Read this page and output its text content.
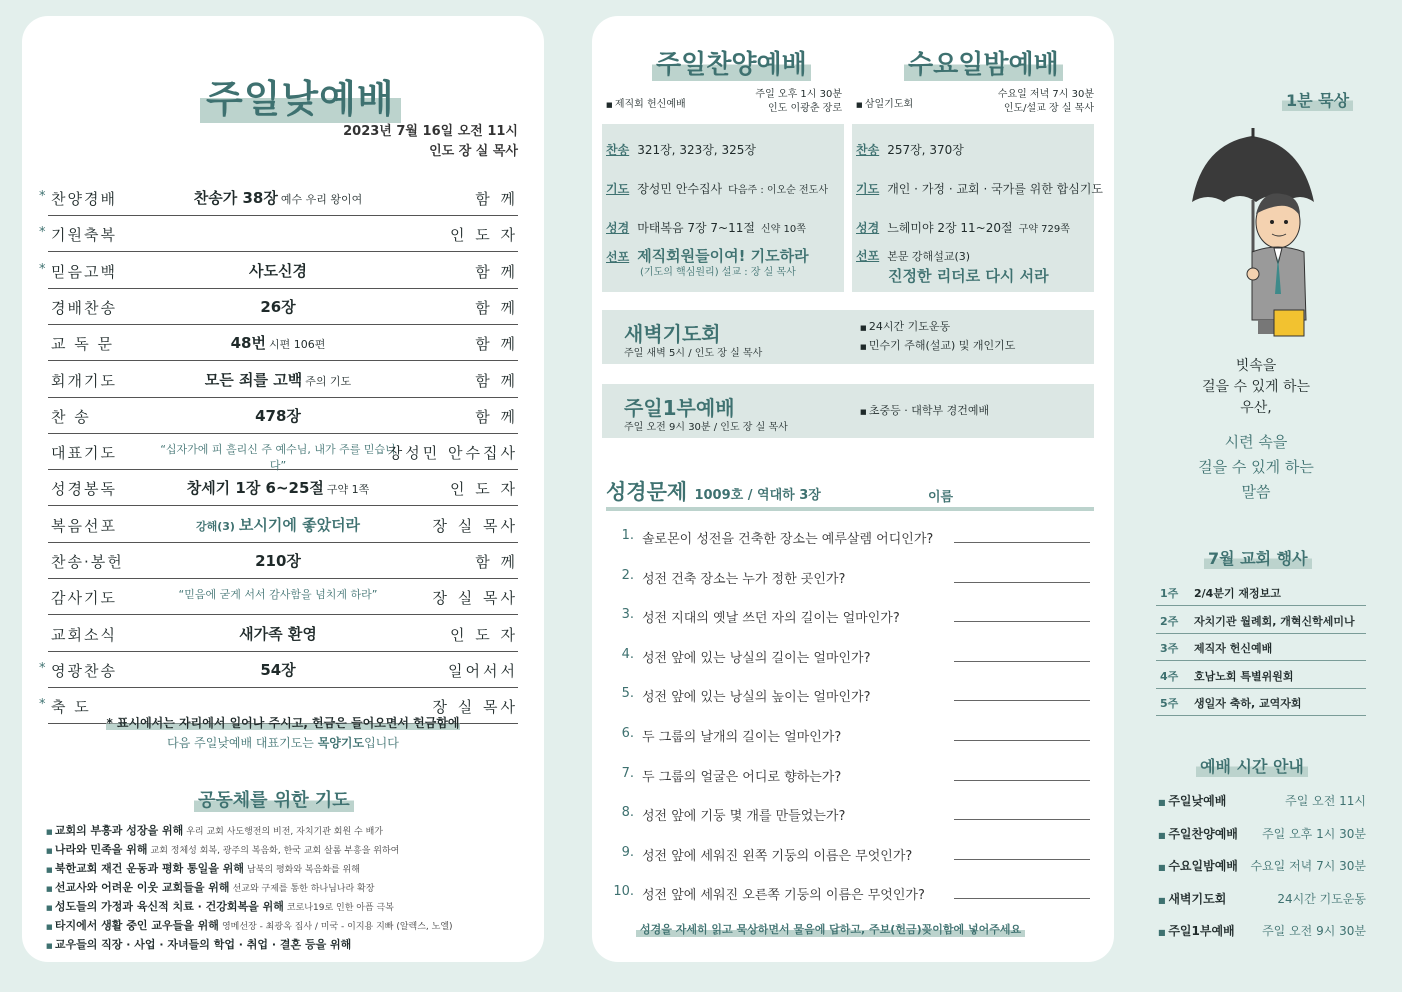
주일낮예배
2023년 7월 16일 오전 11시
인도 장 실 목사
* 찬양경배	찬송가 38장 예수 우리 왕이여	함 께
* 기원축복	인 도 자
* 믿음고백	사도신경	함 께
경배찬송	26장	함 께
교 독 문	48번 시편 106편	함 께
회개기도	모든 죄를 고백 주의 기도	함 께
찬 송	478장	함 께
대표기도	“십자가에 피 흘리신 주 예수님, 내가 주를 믿습니다”
장성민 안수집사
성경봉독	창세기 1장 6~25절 구약 1쪽	인 도 자
복음선포	강해(3) 보시기에 좋았더라	장 실 목사
찬송·봉헌	210장	함 께
감사기도	“믿음에 굳게 서서 감사함을 넘치게 하라”	장 실 목사
교회소식	새가족 환영	인 도 자
* 영광찬송	54장	일어서서
* 축 도	장 실 목사
* 표시에서는 자리에서 일어나 주시고, 헌금은 들어오면서 헌금함에
다음 주일낮예배 대표기도는 목양기도입니다
공동체를 위한 기도
■ 교회의 부흥과 성장을 위해 우리 교회 사도행전의 비전, 자치기관 회원 수 배가
■ 나라와 민족을 위해 교회 정체성 회복, 광주의 복음화, 한국 교회 살롬 부흥을 위하여
■ 북한교회 재건 운동과 평화 통일을 위해 남북의 평화와 복음화를 위해
■ 선교사와 어려운 이웃 교회들을 위해 선교와 구제를 통한 하나님나라 확장
■ 성도들의 가정과 육신적 치료 · 건강회복을 위해 코로나19로 인한 아픔 극복
■ 타지에서 생활 중인 교우들을 위해 영메선장 - 최광옥 집사 / 미국 - 이지용 지빠 (알렉스, 노엘)
■ 교우들의 직장 · 사업 · 자녀들의 학업 · 취업 · 결혼 등을 위해
주일찬양예배	수요일밤예배
■ 제직회 헌신예배
주일 오후 1시 30분
인도 이광춘 장로
■	삼일기도회
수요일 저녁 7시 30분
인도/설교 장 실 목사
찬송 321장, 323장, 325장
기도 장성민 안수집사 다음주 : 이오순 전도사
성경 마태복음 7장 7~11절 신약 10쪽
찬송 257장, 370장
기도 개인 · 가정 · 교회 · 국가를 위한 합심기도
성경 느헤미야 2장 11~20절 구약 729쪽
선포 제직회원들이여! 기도하라
(기도의 핵심원리) 설교 : 장 실 목사
선포 본문 강해설교(3)
진정한 리더로 다시 서라
새벽기도회
주일 새벽 5시 / 인도 장 실 목사
■ 24시간 기도운동
■ 민수기 주해(설교) 및 개인기도
주일1부예배
주일 오전 9시 30분 / 인도 장 실 목사
■ 초중등 · 대학부 경건예배
성경문제 1009호 / 역대하 3장	이름
1. 솔로몬이 성전을 건축한 장소는 예루살렘 어디인가?
2. 성전 건축 장소는 누가 정한 곳인가?
3. 성전 지대의 옛날 쓰던 자의 길이는 얼마인가?
4. 성전 앞에 있는 낭실의 길이는 얼마인가?
5. 성전 앞에 있는 낭실의 높이는 얼마인가?
6. 두 그룹의 날개의 길이는 얼마인가?
7. 두 그룹의 얼굴은 어디로 향하는가?
8. 성전 앞에 기둥 몇 개를 만들었는가?
9. 성전 앞에 세워진 왼쪽 기둥의 이름은 무엇인가?
10. 성전 앞에 세워진 오른쪽 기둥의 이름은 무엇인가?
성경을 자세히 읽고 묵상하면서 물음에 답하고, 주보(헌금)꽂이함에 넣어주세요
1분 묵상
빗속을
걸을 수 있게 하는
우산,
시련 속을
걸을 수 있게 하는
말씀
7월 교회 행사
1주 2/4분기 재정보고
2주 자치기관 월례회, 개혁신학세미나
3주 제직자 헌신예배
4주 호남노회 특별위원회
5주 생일자 축하, 교역자회
예배 시간 안내
■ 주일낮예배	주일 오전 11시
■ 주일찬양예배 주일 오후 1시 30분
■ 수요일밤예배 수요일 저녁 7시 30분
■ 새벽기도회	24시간 기도운동
■ 주일1부예배 주일 오전 9시 30분
